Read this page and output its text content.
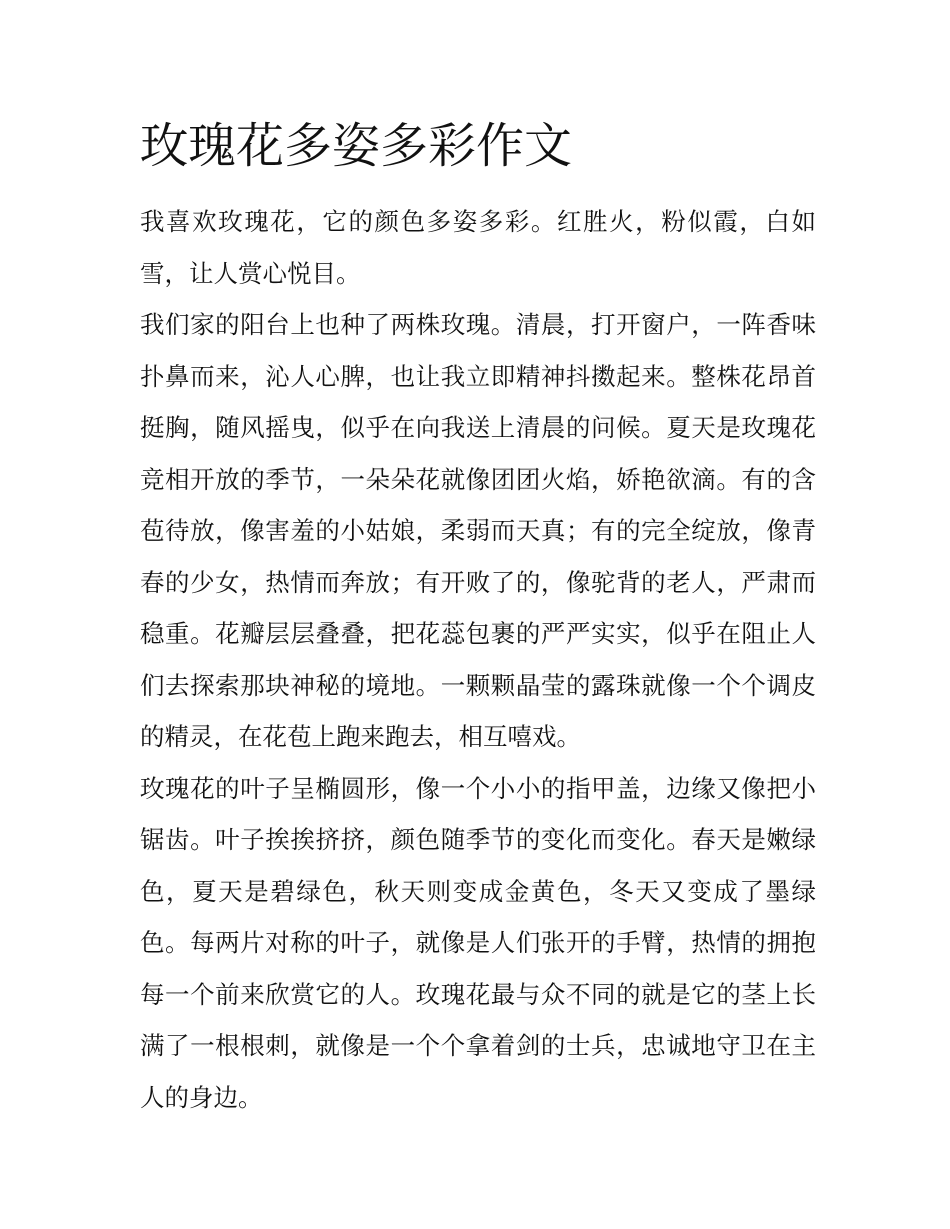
玫瑰花多姿多彩作文

我喜欢玫瑰花，它的颜色多姿多彩。红胜火，粉似霞，白如雪，让人赏心悦目。

我们家的阳台上也种了两株玫瑰。清晨，打开窗户，一阵香味扑鼻而来，沁人心脾，也让我立即精神抖擞起来。整株花昂首挺胸，随风摇曳，似乎在向我送上清晨的问候。夏天是玫瑰花竞相开放的季节，一朵朵花就像团团火焰，娇艳欲滴。有的含苞待放，像害羞的小姑娘，柔弱而天真；有的完全绽放，像青春的少女，热情而奔放；有开败了的，像驼背的老人，严肃而稳重。花瓣层层叠叠，把花蕊包裹的严严实实，似乎在阻止人们去探索那块神秘的境地。一颗颗晶莹的露珠就像一个个调皮的精灵，在花苞上跑来跑去，相互嘻戏。

玫瑰花的叶子呈椭圆形，像一个小小的指甲盖，边缘又像把小锯齿。叶子挨挨挤挤，颜色随季节的变化而变化。春天是嫩绿色，夏天是碧绿色，秋天则变成金黄色，冬天又变成了墨绿色。每两片对称的叶子，就像是人们张开的手臂，热情的拥抱每一个前来欣赏它的人。玫瑰花最与众不同的就是它的茎上长满了一根根刺，就像是一个个拿着剑的士兵，忠诚地守卫在主人的身边。
